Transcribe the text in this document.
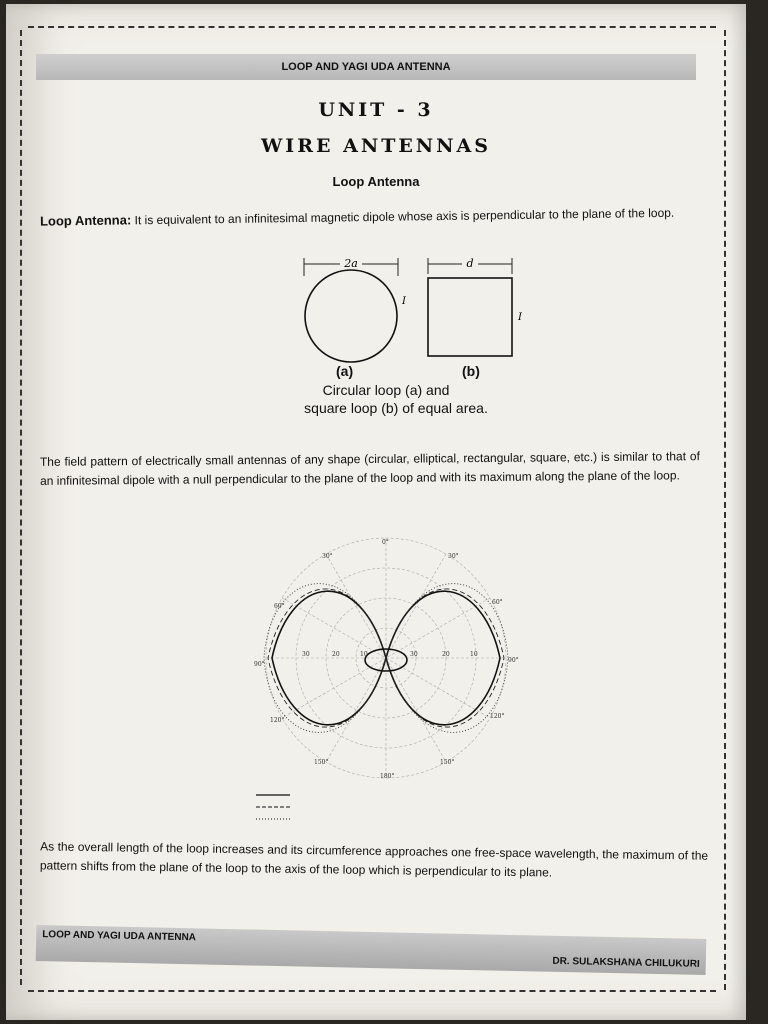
LOOP AND YAGI UDA ANTENNA
UNIT - 3
WIRE ANTENNAS
Loop Antenna
Loop Antenna: It is equivalent to an infinitesimal magnetic dipole whose axis is perpendicular to the plane of the loop.
2a
I
d
I
(a)	(b)
Circular loop (a) and
square loop (b) of equal area.
The field pattern of electrically small antennas of any shape (circular, elliptical, rectangular, square, etc.) is similar to that of an infinitesimal dipole with a null perpendicular to the plane of the loop and with its maximum along the plane of the loop.
0°
30°	30°
60°
60°
90°
90°
120°
120°
150°	150°
180°
10
20
30	30	20	10
As the overall length of the loop increases and its circumference approaches one free-space wavelength, the maximum of the pattern shifts from the plane of the loop to the axis of the loop which is perpendicular to its plane.
LOOP AND YAGI UDA ANTENNA
DR. SULAKSHANA CHILUKURI
